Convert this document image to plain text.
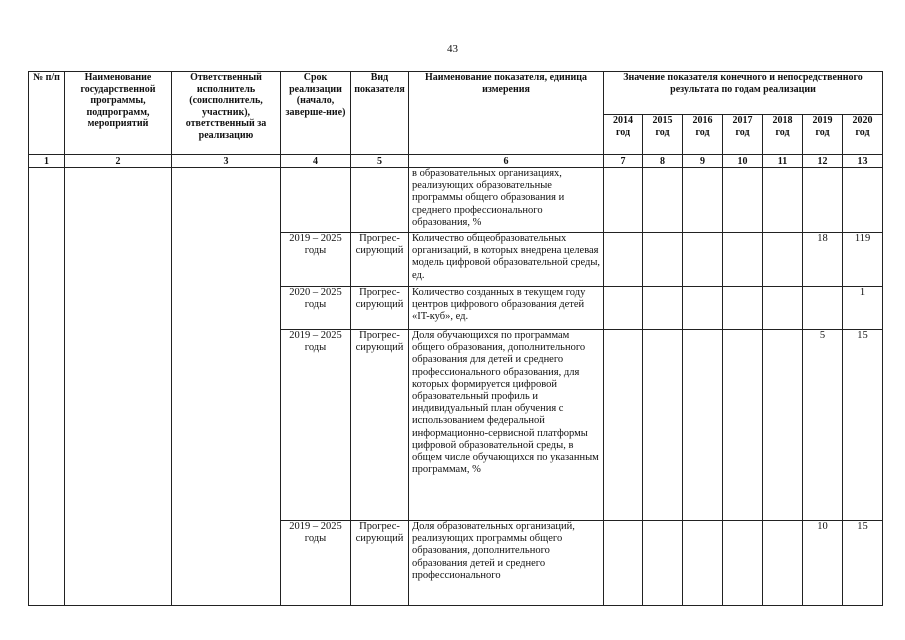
43
№ п/п	Наименование государственной программы, подпрограмм, мероприятий	Ответственный исполнитель (соисполнитель, участник), ответственный за реализацию	Срок реализации (начало, заверше-ние)	Вид показателя	Наименование показателя, единица измерения	Значение показателя конечного и непосредственного результата по годам реализации						
						2014 год	2015 год	2016 год	2017 год	2018 год	2019 год	2020 год
1	2	3	4	5	6	7	8	9	10	11	12	13
					в образовательных организациях, реализующих образовательные программы общего образования и среднего профессионального образования, %							
			2019 – 2025 годы	Прогрес-сирующий	Количество общеобразовательных организаций, в которых внедрена целевая модель цифровой образовательной среды, ед.						18	119
			2020 – 2025 годы	Прогрес-сирующий	Количество созданных в текущем году центров цифрового образования детей «IT-куб», ед.							1
			2019 – 2025 годы	Прогрес-сирующий	Доля обучающихся по программам общего образования, дополнительного образования для детей и среднего профессионального образования, для которых формируется цифровой образовательный профиль и индивидуальный план обучения с использованием федеральной информационно-сервисной платформы цифровой образовательной среды, в общем числе обучающихся по указанным программам, %						5	15
			2019 – 2025 годы	Прогрес-сирующий	Доля образовательных организаций, реализующих программы общего образования, дополнительного образования детей и среднего профессионального						10	15
